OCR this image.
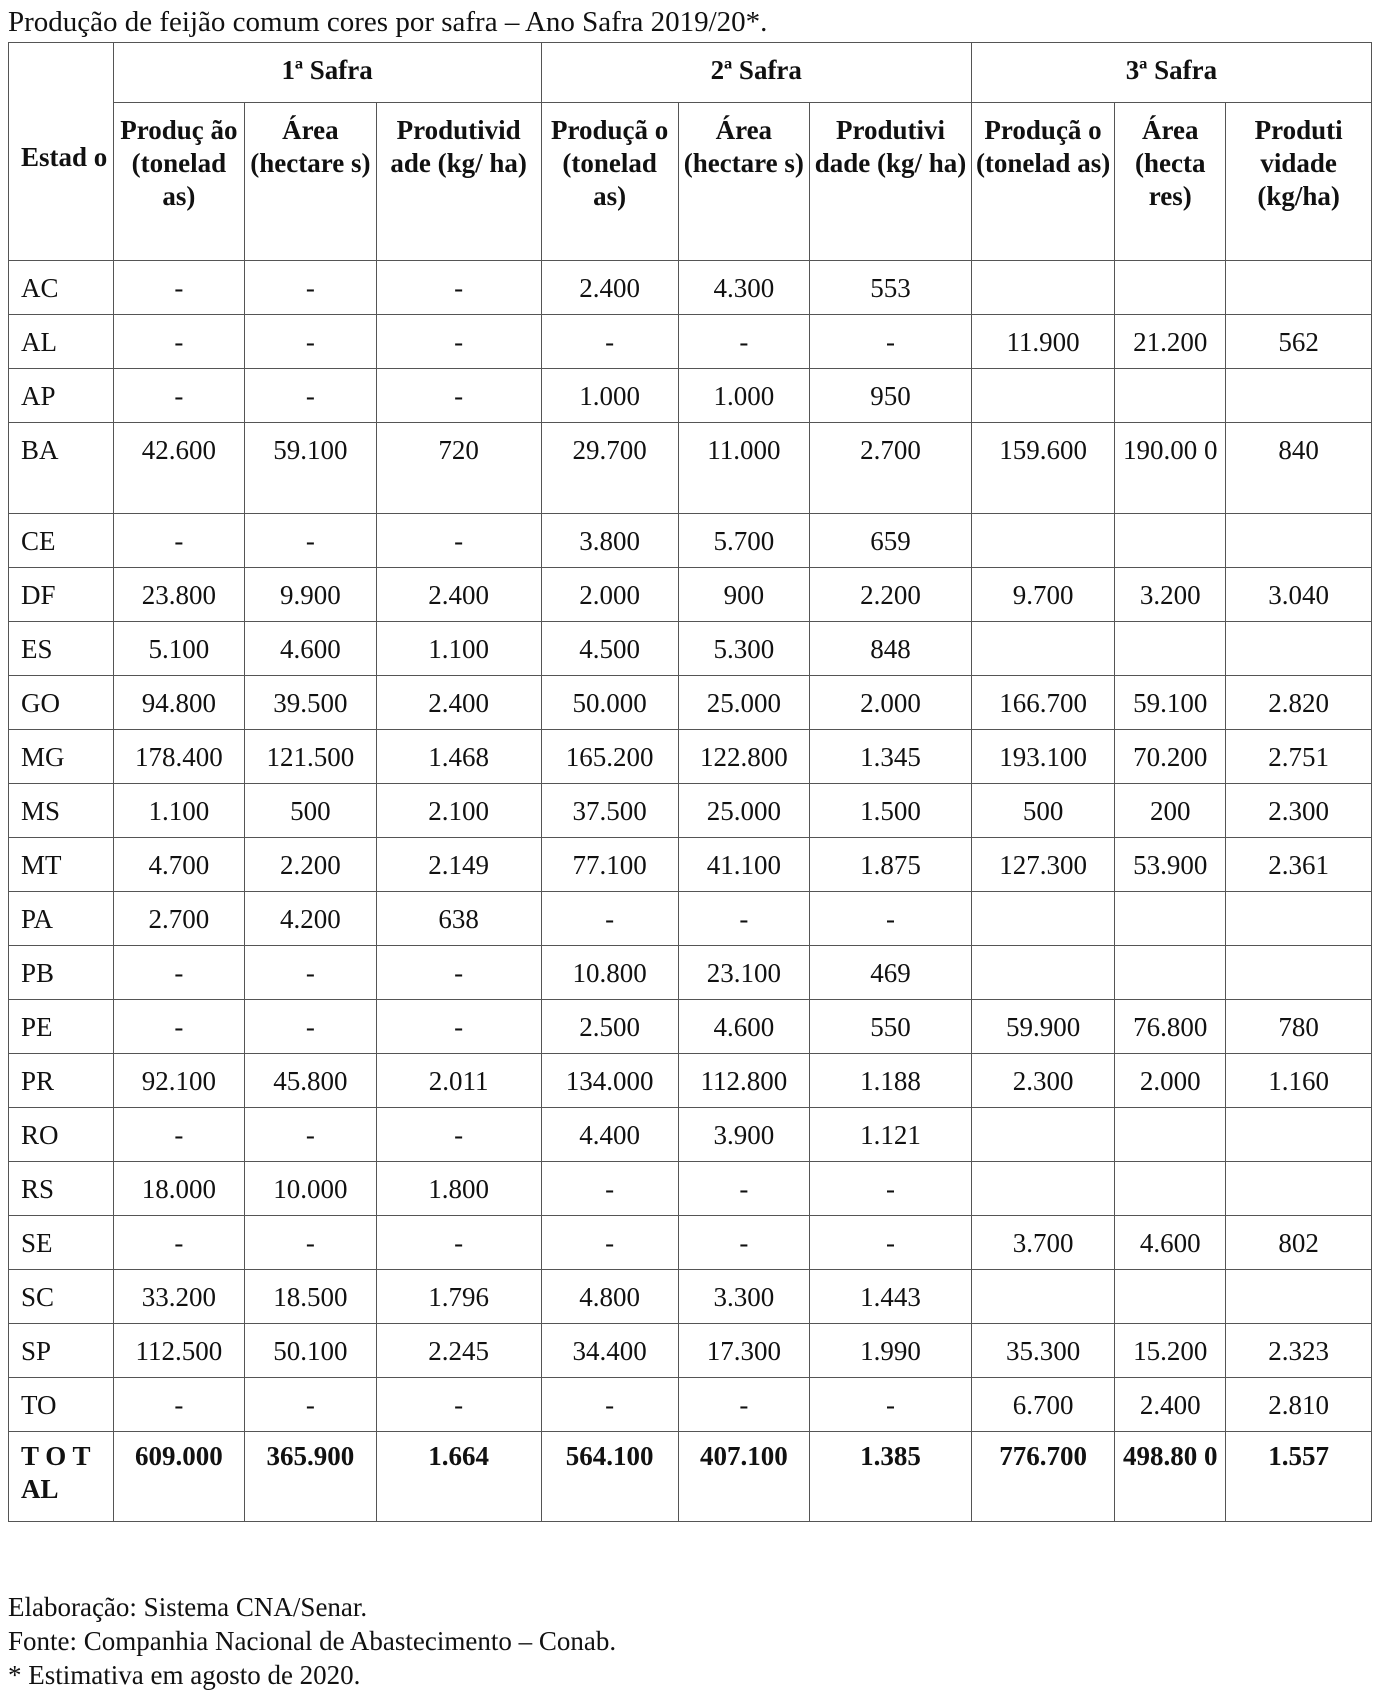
Produção de feijão comum cores por safra – Ano Safra 2019/20*.
Estad o	1ª Safra			2ª Safra			3ª Safra		
	Produç ão (tonelad as)	Área (hectare s)	Produtivid ade (kg/ ha)	Produçã o (tonelad as)	Área (hectare s)	Produtivi dade (kg/ ha)	Produçã o (tonelad as)	Área (hecta res)	Produti vidade (kg/ha)
AC	-	-	-	2.400	4.300	553			
AL	-	-	-	-	-	-	11.900	21.200	562
AP	-	-	-	1.000	1.000	950			
BA	42.600	59.100	720	29.700	11.000	2.700	159.600	190.00 0	840
CE	-	-	-	3.800	5.700	659			
DF	23.800	9.900	2.400	2.000	900	2.200	9.700	3.200	3.040
ES	5.100	4.600	1.100	4.500	5.300	848			
GO	94.800	39.500	2.400	50.000	25.000	2.000	166.700	59.100	2.820
MG	178.400	121.500	1.468	165.200	122.800	1.345	193.100	70.200	2.751
MS	1.100	500	2.100	37.500	25.000	1.500	500	200	2.300
MT	4.700	2.200	2.149	77.100	41.100	1.875	127.300	53.900	2.361
PA	2.700	4.200	638	-	-	-			
PB	-	-	-	10.800	23.100	469			
PE	-	-	-	2.500	4.600	550	59.900	76.800	780
PR	92.100	45.800	2.011	134.000	112.800	1.188	2.300	2.000	1.160
RO	-	-	-	4.400	3.900	1.121			
RS	18.000	10.000	1.800	-	-	-			
SE	-	-	-	-	-	-	3.700	4.600	802
SC	33.200	18.500	1.796	4.800	3.300	1.443			
SP	112.500	50.100	2.245	34.400	17.300	1.990	35.300	15.200	2.323
TO	-	-	-	-	-	-	6.700	2.400	2.810
T O T AL	609.000	365.900	1.664	564.100	407.100	1.385	776.700	498.80 0	1.557
Elaboração: Sistema CNA/Senar.
Fonte: Companhia Nacional de Abastecimento – Conab.
* Estimativa em agosto de 2020.
